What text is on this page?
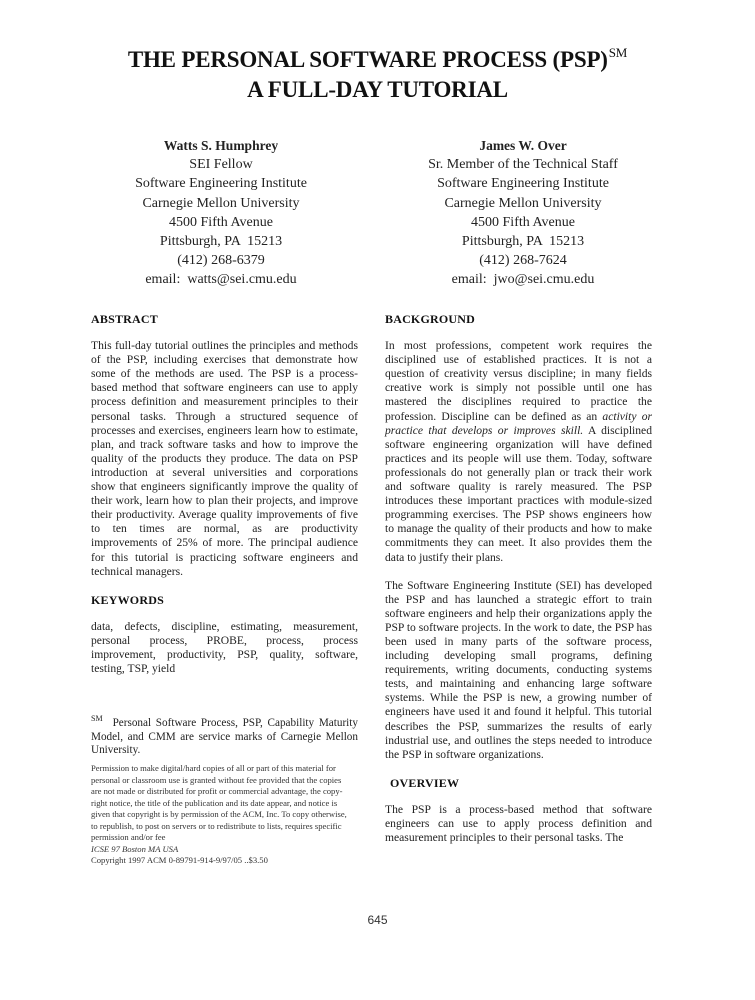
THE PERSONAL SOFTWARE PROCESS (PSP)℠
A FULL-DAY TUTORIAL
Watts S. Humphrey
SEI Fellow
Software Engineering Institute
Carnegie Mellon University
4500 Fifth Avenue
Pittsburgh, PA  15213
(412) 268-6379
email:  watts@sei.cmu.edu
James W. Over
Sr. Member of the Technical Staff
Software Engineering Institute
Carnegie Mellon University
4500 Fifth Avenue
Pittsburgh, PA  15213
(412) 268-7624
email:  jwo@sei.cmu.edu
ABSTRACT

This full-day tutorial outlines the principles and methods of the PSP, including exercises that demonstrate how some of the methods are used. The PSP is a process-based method that software engineers can use to apply process definition and measurement principles to their personal tasks. Through a structured sequence of processes and exercises, engineers learn how to estimate, plan, and track software tasks and how to improve the quality of the products they produce. The data on PSP introduction at several universities and corporations show that engineers significantly improve the quality of their work, learn how to plan their projects, and improve their productivity. Average quality improvements of five to ten times are normal, as are productivity improvements of 25% of more. The principal audience for this tutorial is practicing software engineers and technical managers.

KEYWORDS

data, defects, discipline, estimating, measurement, personal process, PROBE, process, process improvement, productivity, PSP, quality, software, testing, TSP, yield

℠ Personal Software Process, PSP, Capability Maturity Model, and CMM are service marks of Carnegie Mellon University.

Permission to make digital/hard copies of all or part of this material for
personal or classroom use is granted without fee provided that the copies
are not made or distributed for profit or commercial advantage, the copy-
right notice, the title of the publication and its date appear, and notice is
given that copyright is by permission of the ACM, Inc. To copy otherwise,
to republish, to post on servers or to redistribute to lists, requires specific
permission and/or fee
ICSE 97 Boston MA USA
Copyright 1997 ACM 0-89791-914-9/97/05 ..$3.50
BACKGROUND

In most professions, competent work requires the disciplined use of established practices. It is not a question of creativity versus discipline; in many fields creative work is simply not possible until one has mastered the disciplines required to practice the profession. Discipline can be defined as an activity or practice that develops or improves skill. A disciplined software engineering organization will have defined practices and its people will use them. Today, software professionals do not generally plan or track their work and software quality is rarely measured. The PSP introduces these important practices with module-sized programming exercises. The PSP shows engineers how to manage the quality of their products and how to make commitments they can meet. It also provides them the data to justify their plans.

The Software Engineering Institute (SEI) has developed the PSP and has launched a strategic effort to train software engineers and help their organizations apply the PSP to software projects. In the work to date, the PSP has been used in many parts of the software process, including developing small programs, defining requirements, writing documents, conducting systems tests, and maintaining and enhancing large software systems. While the PSP is new, a growing number of engineers have used it and found it helpful. This tutorial describes the PSP, summarizes the results of early industrial use, and outlines the steps needed to introduce the PSP in software organizations.

OVERVIEW

The PSP is a process-based method that software engineers can use to apply process definition and measurement principles to their personal tasks. The

645
